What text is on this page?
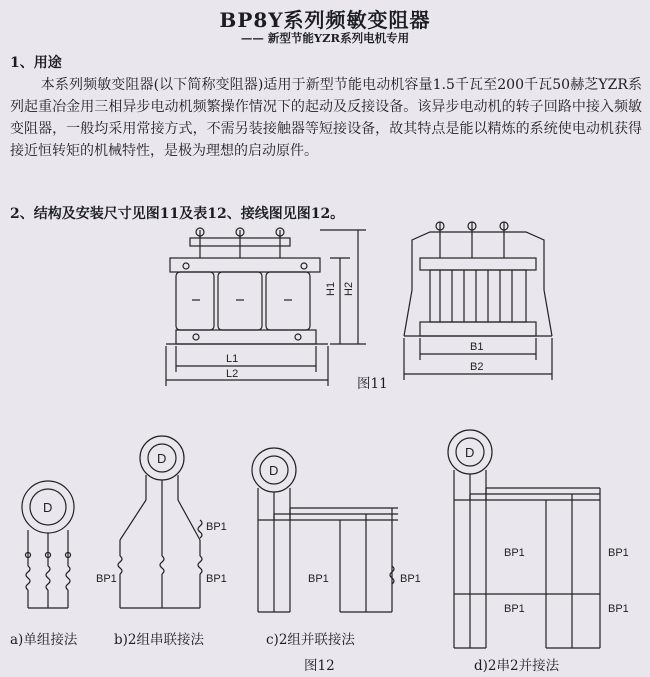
BP8Y系列频敏变阻器
—— 新型节能YZR系列电机专用
1、用途
本系列频敏变阻器(以下简称变阻器)适用于新型节能电动机容量1.5千瓦至200千瓦50赫芝YZR系列起重冶金用三相异步电动机频繁操作情况下的起动及反接设备。该异步电动机的转子回路中接入频敏变阻器，一般均采用常接方式，不需另装接触器等短接设备，故其特点是能以精炼的系统使电动机获得接近恒转矩的机械特性，是极为理想的启动原件。
2、结构及安装尺寸见图11及表12、接线图见图12。
L1
L2
H1 H2
B1
B2
D
D
D
D
BP1
BP1
BP1	BP1	BP1
BP1	BP1
BP1	BP1
图11
a)单组接法	b)2组串联接法	c)2组并联接法
图12	d)2串2并接法
